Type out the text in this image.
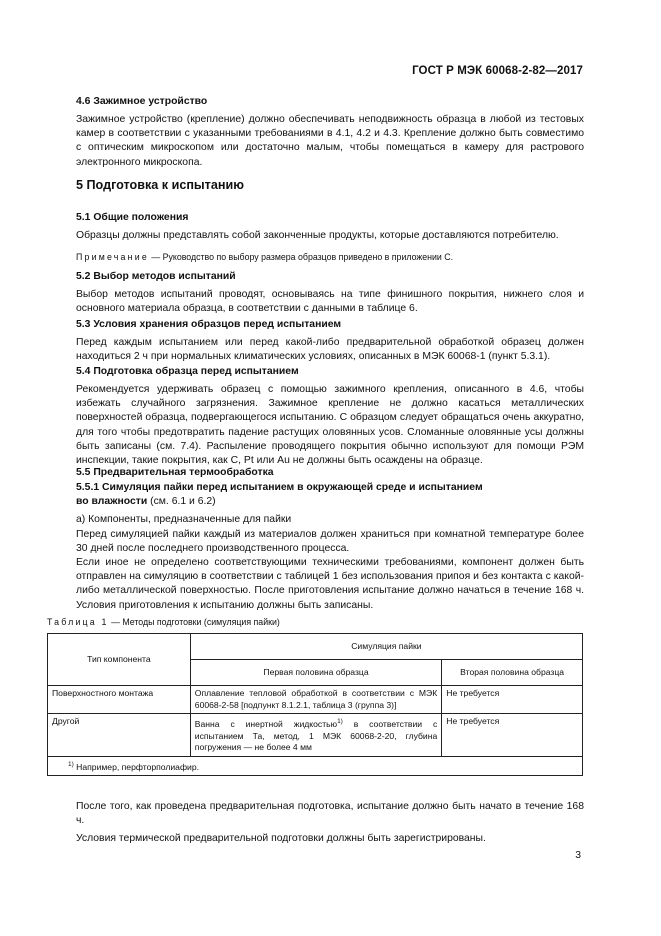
ГОСТ Р МЭК 60068-2-82—2017
4.6 Зажимное устройство

Зажимное устройство (крепление) должно обеспечивать неподвижность образца в любой из тестовых камер в соответствии с указанными требованиями в 4.1, 4.2 и 4.3. Крепление должно быть совместимо с оптическим микроскопом или достаточно малым, чтобы помещаться в камеру для растрового электронного микроскопа.

5 Подготовка к испытанию
5.1 Общие положения

Образцы должны представлять собой законченные продукты, которые доставляются потребителю.

Примечание — Руководство по выбору размера образцов приведено в приложении С.

5.2 Выбор методов испытаний

Выбор методов испытаний проводят, основываясь на типе финишного покрытия, нижнего слоя и основного материала образца, в соответствии с данными в таблице 6.

5.3 Условия хранения образцов перед испытанием

Перед каждым испытанием или перед какой-либо предварительной обработкой образец должен находиться 2 ч при нормальных климатических условиях, описанных в МЭК 60068-1 (пункт 5.3.1).

5.4 Подготовка образца перед испытанием

Рекомендуется удерживать образец с помощью зажимного крепления, описанного в 4.6, чтобы избежать случайного загрязнения. Зажимное крепление не должно касаться металлических поверхностей образца, подвергающегося испытанию. С образцом следует обращаться очень аккуратно, для того чтобы предотвратить падение растущих оловянных усов. Сломанные оловянные усы должны быть записаны (см. 7.4). Распыление проводящего покрытия обычно используют для помощи РЭМ инспекции, такие покрытия, как С, Pt или Au не должны быть осаждены на образце.

5.5 Предварительная термообработка

5.5.1 Симуляция пайки перед испытанием в окружающей среде и испытанием
во влажности (см. 6.1 и 6.2)

а) Компоненты, предназначенные для пайки

Перед симуляцией пайки каждый из материалов должен храниться при комнатной температуре более 30 дней после последнего производственного процесса.

Если иное не определено соответствующими техническими требованиями, компонент должен быть отправлен на симуляцию в соответствии с таблицей 1 без использования припоя и без контакта с какой-либо металлической поверхностью. После приготовления испытание должно начаться в течение 168 ч. Условия приготовления к испытанию должны быть записаны.

Таблица 1 — Методы подготовки (симуляция пайки)
Тип компонента	Симуляция пайки	
	Первая половина образца	Вторая половина образца
Поверхностного монтажа	Оплавление тепловой обработкой в соответствии с МЭК 60068-2-58 [подпункт 8.1.2.1, таблица 3 (группа 3)]	Не требуется
Другой	Ванна с инертной жидкостью$^{1)}$ в соответствии с испытанием Та, метод, 1 МЭК 60068-2-20, глубина погружения — не более 4 мм	Не требуется
$^{1)}$ Например, перфторполиафир.		

После того, как проведена предварительная подготовка, испытание должно быть начато в течение 168 ч.

Условия термической предварительной подготовки должны быть зарегистрированы.

3
